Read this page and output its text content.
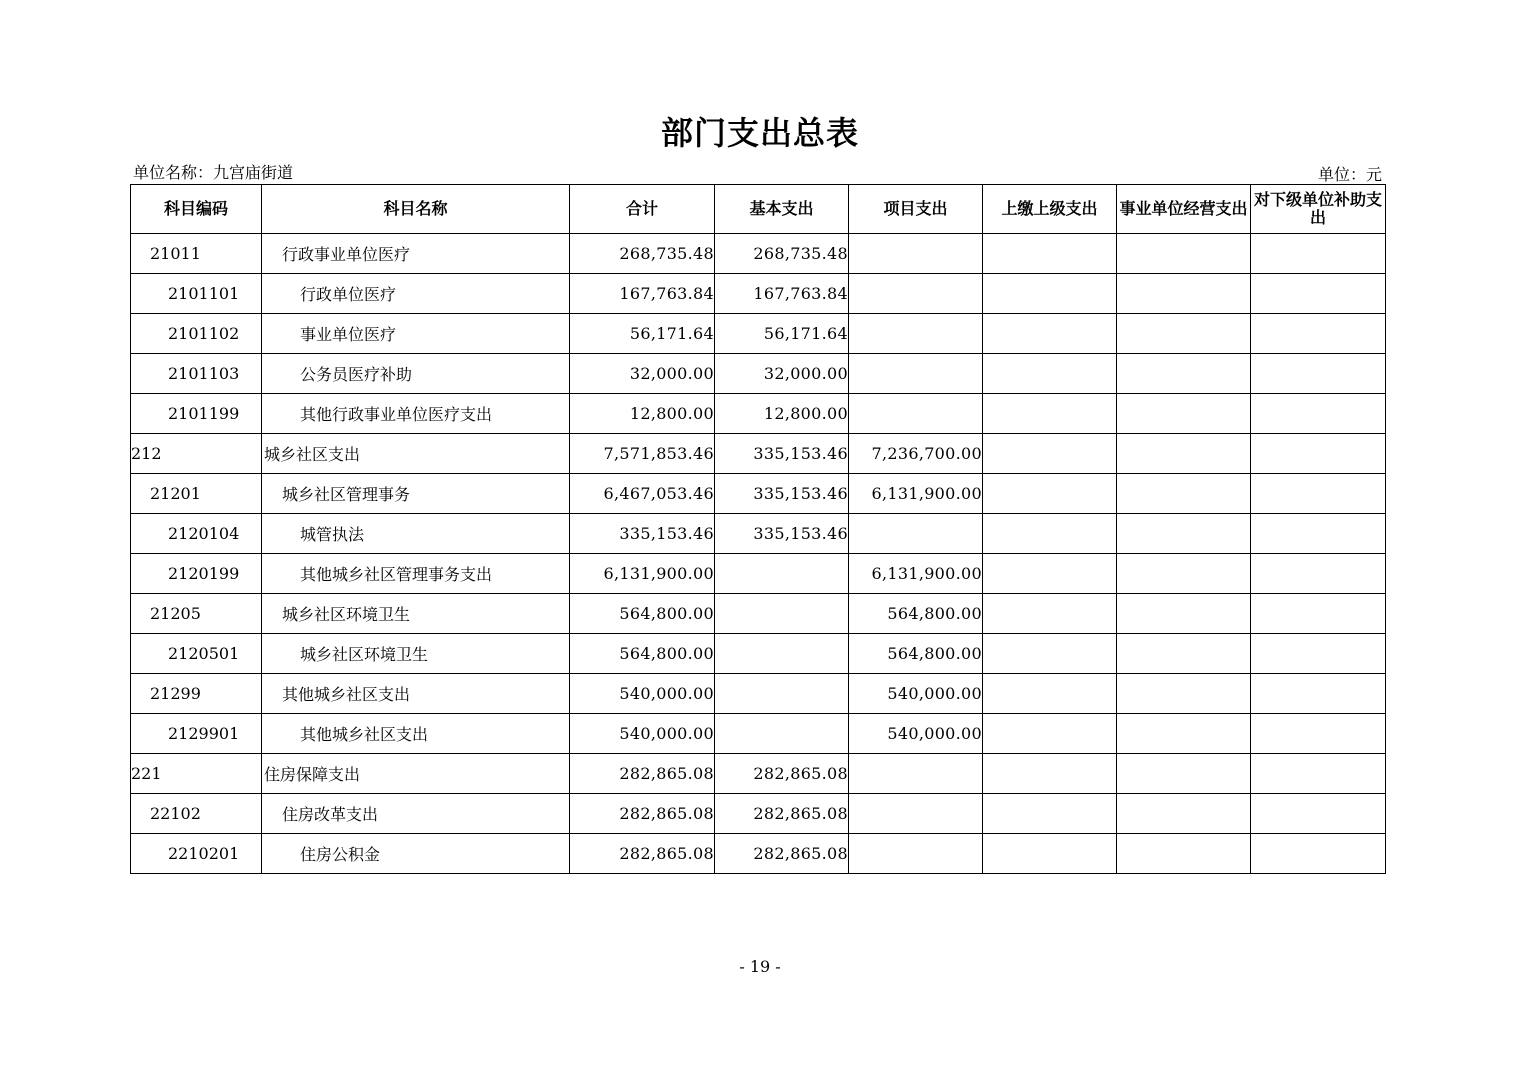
部门支出总表
单位名称：九宫庙街道	单位：元
科目编码	科目名称	合计	基本支出	项目支出	上缴上级支出	事业单位经营支出	对下级单位补助支出
21011	行政事业单位医疗	268,735.48	268,735.48				
2101101	行政单位医疗	167,763.84	167,763.84				
2101102	事业单位医疗	56,171.64	56,171.64				
2101103	公务员医疗补助	32,000.00	32,000.00				
2101199	其他行政事业单位医疗支出	12,800.00	12,800.00				
212	城乡社区支出	7,571,853.46	335,153.46	7,236,700.00			
21201	城乡社区管理事务	6,467,053.46	335,153.46	6,131,900.00			
2120104	城管执法	335,153.46	335,153.46				
2120199	其他城乡社区管理事务支出	6,131,900.00		6,131,900.00			
21205	城乡社区环境卫生	564,800.00		564,800.00			
2120501	城乡社区环境卫生	564,800.00		564,800.00			
21299	其他城乡社区支出	540,000.00		540,000.00			
2129901	其他城乡社区支出	540,000.00		540,000.00			
221	住房保障支出	282,865.08	282,865.08				
22102	住房改革支出	282,865.08	282,865.08				
2210201	住房公积金	282,865.08	282,865.08				
- 19 -
